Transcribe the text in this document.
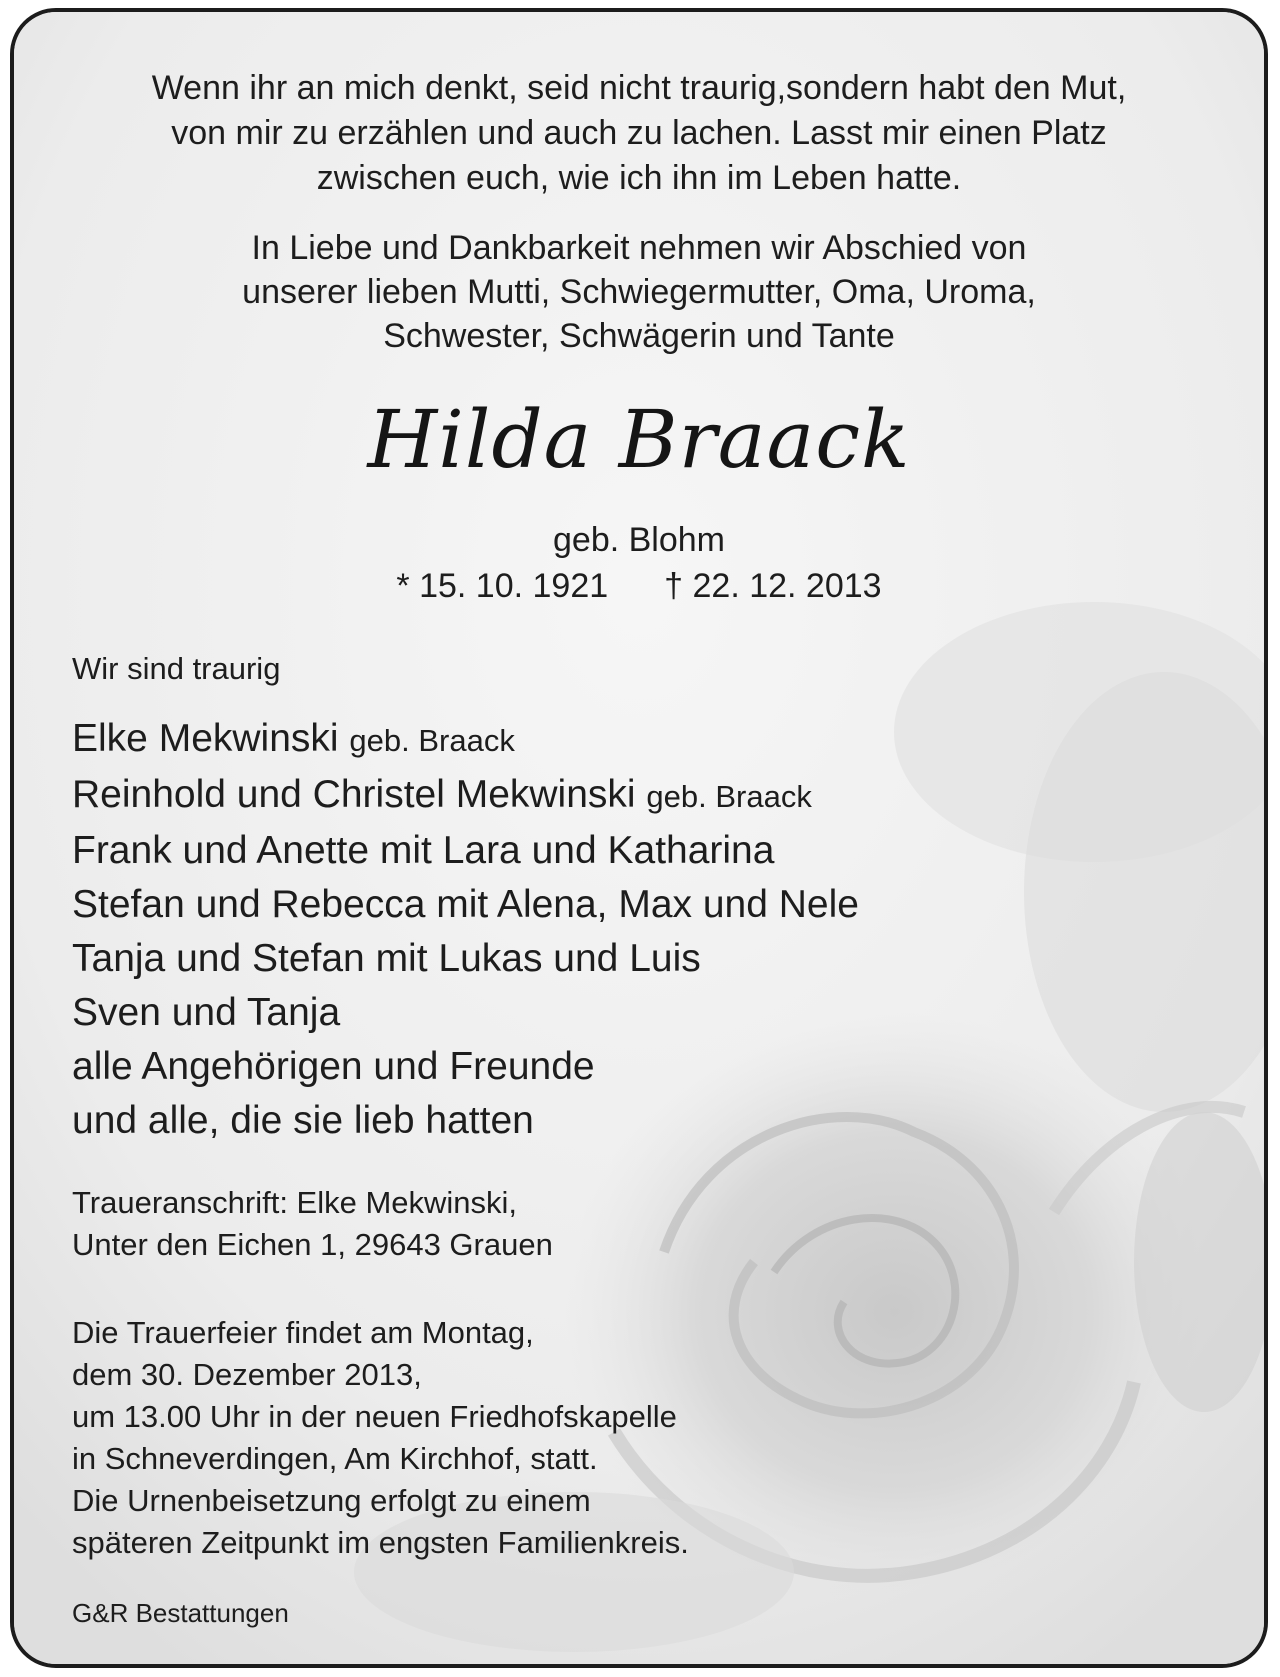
Wenn ihr an mich denkt, seid nicht traurig,sondern habt den Mut,
von mir zu erzählen und auch zu lachen. Lasst mir einen Platz
zwischen euch, wie ich ihn im Leben hatte.
In Liebe und Dankbarkeit nehmen wir Abschied von
unserer lieben Mutti, Schwiegermutter, Oma, Uroma,
Schwester, Schwägerin und Tante
Hilda Braack
geb. Blohm
* 15. 10. 1921 † 22. 12. 2013
Wir sind traurig
Elke Mekwinski geb. Braack
Reinhold und Christel Mekwinski geb. Braack
Frank und Anette mit Lara und Katharina
Stefan und Rebecca mit Alena, Max und Nele
Tanja und Stefan mit Lukas und Luis
Sven und Tanja
alle Angehörigen und Freunde
und alle, die sie lieb hatten
Traueranschrift: Elke Mekwinski,
Unter den Eichen 1, 29643 Grauen
Die Trauerfeier findet am Montag,
dem 30. Dezember 2013,
um 13.00 Uhr in der neuen Friedhofskapelle
in Schneverdingen, Am Kirchhof, statt.
Die Urnenbeisetzung erfolgt zu einem
späteren Zeitpunkt im engsten Familienkreis.
G&R Bestattungen
